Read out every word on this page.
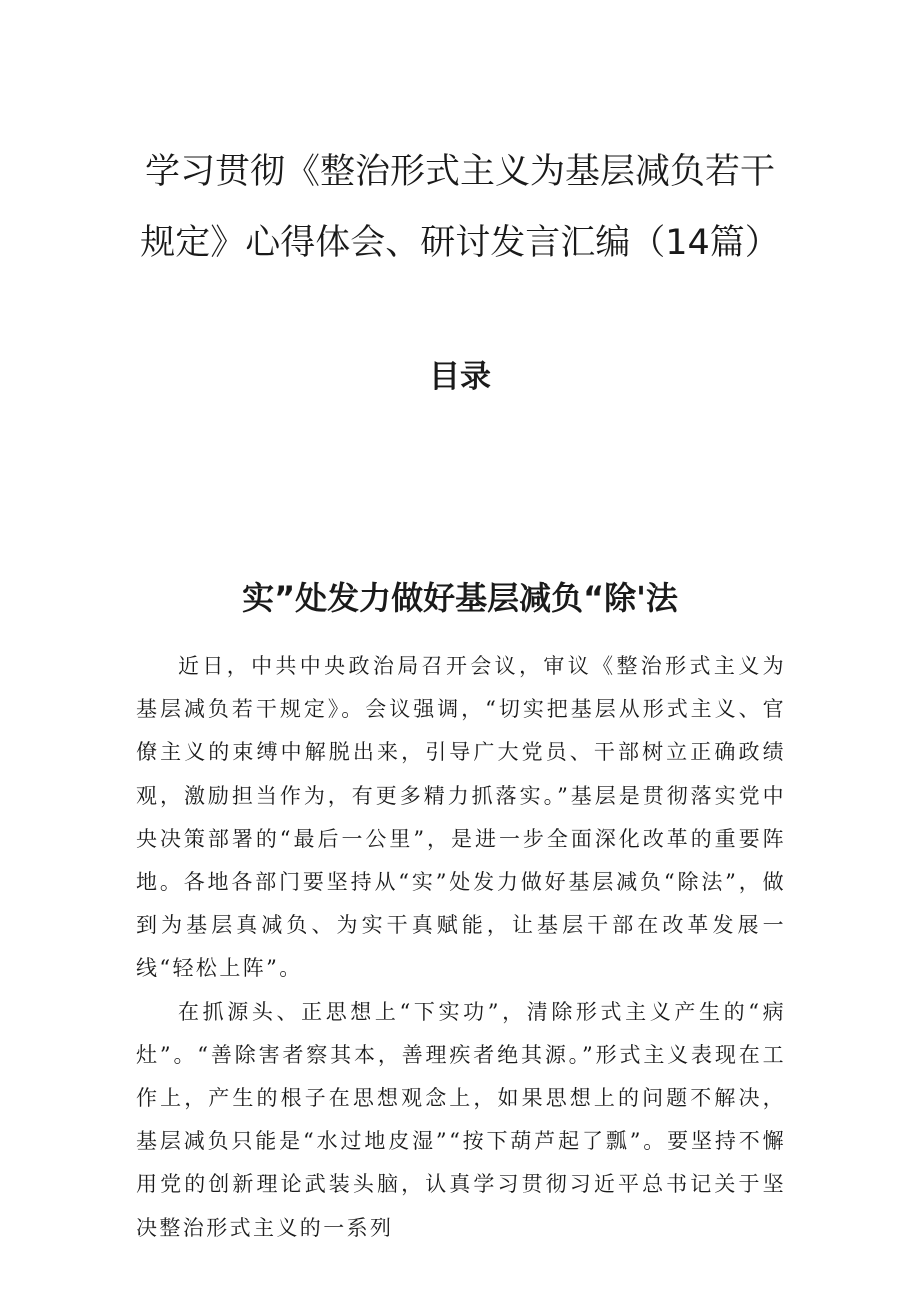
学习贯彻《整治形式主义为基层减负若干
规定》心得体会、研讨发言汇编（14篇）
目录
实”处发力做好基层减负“除'法

近日，中共中央政治局召开会议，审议《整治形式主义为基层减负若干规定》。会议强调，“切实把基层从形式主义、官僚主义的束缚中解脱出来，引导广大党员、干部树立正确政绩观，激励担当作为，有更多精力抓落实。”基层是贯彻落实党中央决策部署的“最后一公里”，是进一步全面深化改革的重要阵地。各地各部门要坚持从“实”处发力做好基层减负“除法”，做到为基层真减负、为实干真赋能，让基层干部在改革发展一线“轻松上阵”。

在抓源头、正思想上“下实功”，清除形式主义产生的“病灶”。“善除害者察其本，善理疾者绝其源。”形式主义表现在工作上，产生的根子在思想观念上，如果思想上的问题不解决，基层减负只能是“水过地皮湿”“按下葫芦起了瓢”。要坚持不懈用党的创新理论武装头脑，认真学习贯彻习近平总书记关于坚决整治形式主义的一系列
